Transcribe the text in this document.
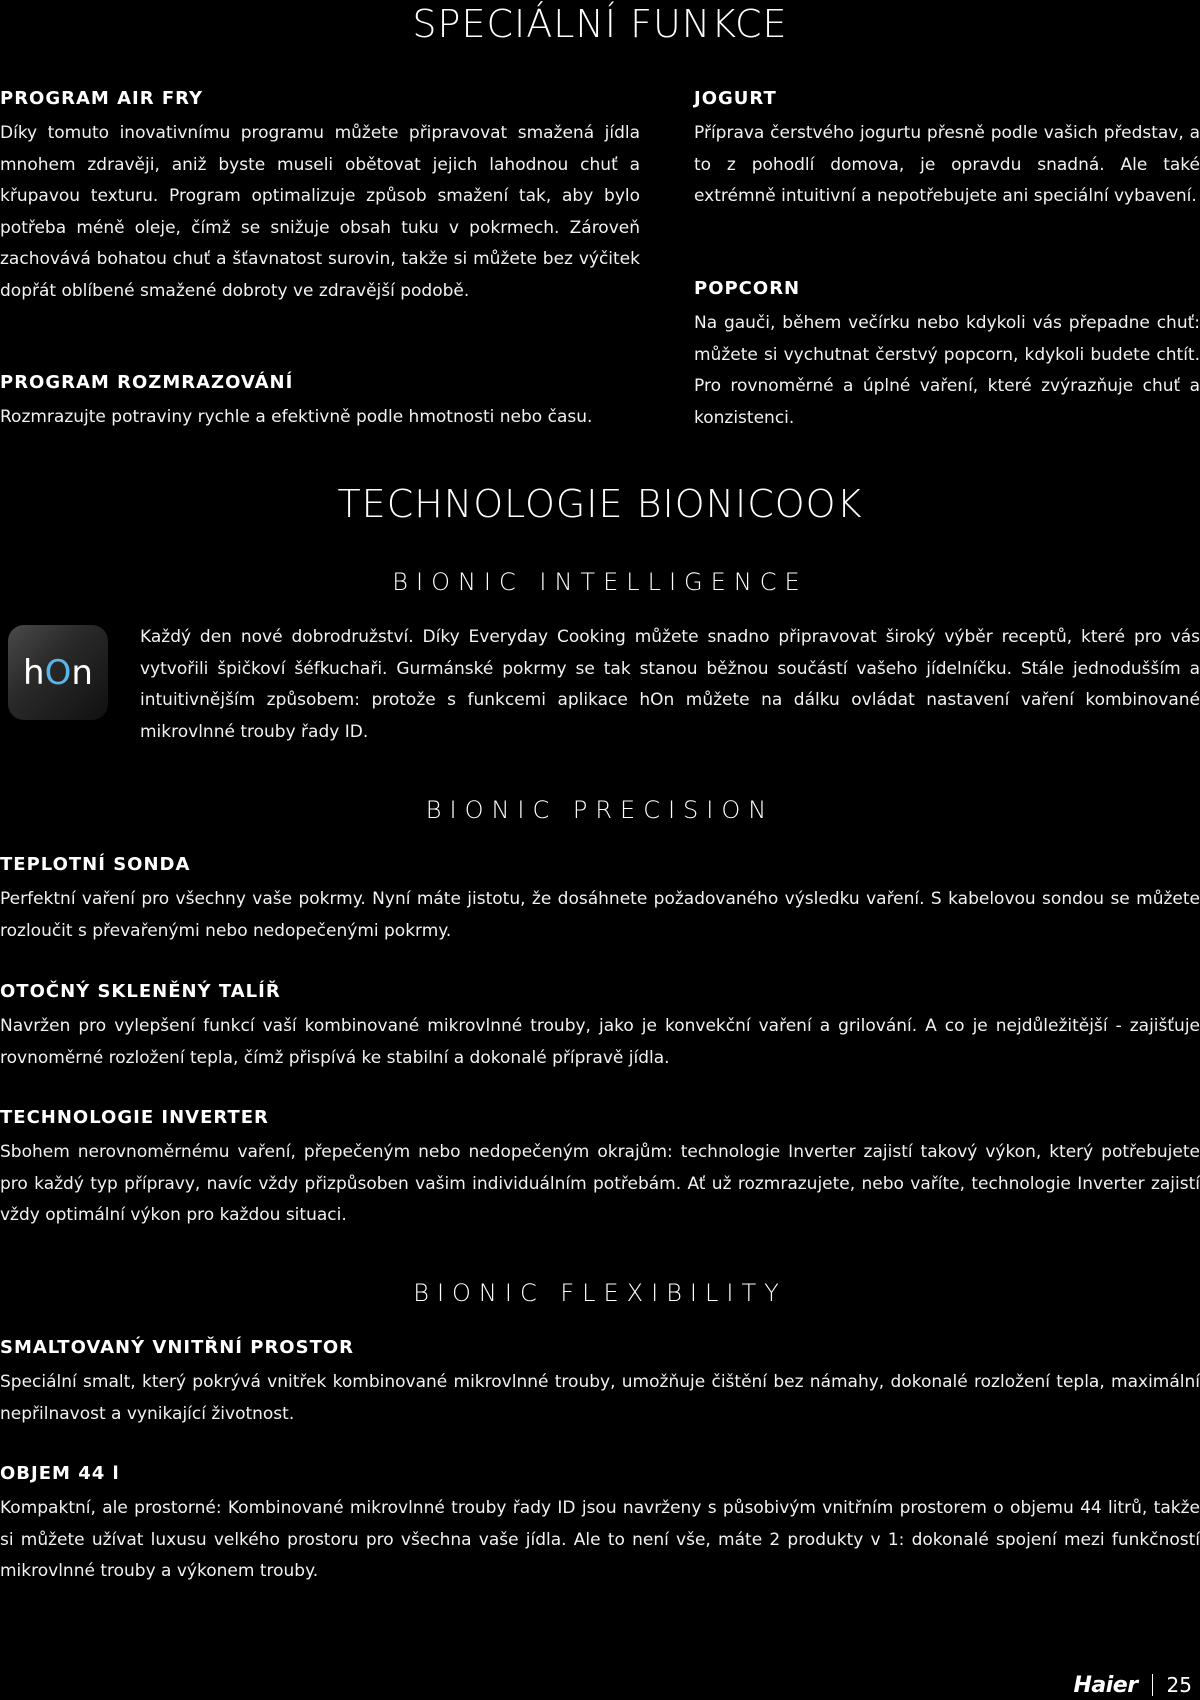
SPECIÁLNÍ FUNKCE

PROGRAM AIR FRY

Díky tomuto inovativnímu programu můžete připravovat smažená jídla mnohem zdravěji, aniž byste museli obětovat jejich lahodnou chuť a křupavou texturu. Program optimalizuje způsob smažení tak, aby bylo potřeba méně oleje, čímž se snižuje obsah tuku v pokrmech. Zároveň zachovává bohatou chuť a šťavnatost surovin, takže si můžete bez výčitek dopřát oblíbené smažené dobroty ve zdravější podobě.

PROGRAM ROZMRAZOVÁNÍ

Rozmrazujte potraviny rychle a efektivně podle hmotnosti nebo času.

JOGURT

Příprava čerstvého jogurtu přesně podle vašich představ, a to z pohodlí domova, je opravdu snadná. Ale také extrémně intuitivní a nepotřebujete ani speciální vybavení.

POPCORN

Na gauči, během večírku nebo kdykoli vás přepadne chuť: můžete si vychutnat čerstvý popcorn, kdykoli budete chtít. Pro rovnoměrné a úplné vaření, které zvýrazňuje chuť a konzistenci.

TECHNOLOGIE BIONICOOK
BIONIC INTELLIGENCE
hOn

Každý den nové dobrodružství. Díky Everyday Cooking můžete snadno připravovat široký výběr receptů, které pro vás vytvořili špičkoví šéfkuchaři. Gurmánské pokrmy se tak stanou běžnou součástí vašeho jídelníčku. Stále jednodušším a intuitivnějším způsobem: protože s funkcemi aplikace hOn můžete na dálku ovládat nastavení vaření kombinované mikrovlnné trouby řady ID.

BIONIC PRECISION

TEPLOTNÍ SONDA

Perfektní vaření pro všechny vaše pokrmy. Nyní máte jistotu, že dosáhnete požadovaného výsledku vaření. S kabelovou sondou se můžete rozloučit s převařenými nebo nedopečenými pokrmy.

OTOČNÝ SKLENĚNÝ TALÍŘ

Navržen pro vylepšení funkcí vaší kombinované mikrovlnné trouby, jako je konvekční vaření a grilování. A co je nejdůležitější - zajišťuje rovnoměrné rozložení tepla, čímž přispívá ke stabilní a dokonalé přípravě jídla.

TECHNOLOGIE INVERTER

Sbohem nerovnoměrnému vaření, přepečeným nebo nedopečeným okrajům: technologie Inverter zajistí takový výkon, který potřebujete pro každý typ přípravy, navíc vždy přizpůsoben vašim individuálním potřebám. Ať už rozmrazujete, nebo vaříte, technologie Inverter zajistí vždy optimální výkon pro každou situaci.

BIONIC FLEXIBILITY

SMALTOVANÝ VNITŘNÍ PROSTOR

Speciální smalt, který pokrývá vnitřek kombinované mikrovlnné trouby, umožňuje čištění bez námahy, dokonalé rozložení tepla, maximální nepřilnavost a vynikající životnost.

OBJEM 44 l

Kompaktní, ale prostorné: Kombinované mikrovlnné trouby řady ID jsou navrženy s působivým vnitřním prostorem o objemu 44 litrů, takže si můžete užívat luxusu velkého prostoru pro všechna vaše jídla. Ale to není vše, máte 2 produkty v 1: dokonalé spojení mezi funkčností mikrovlnné trouby a výkonem trouby.

Haier 25
